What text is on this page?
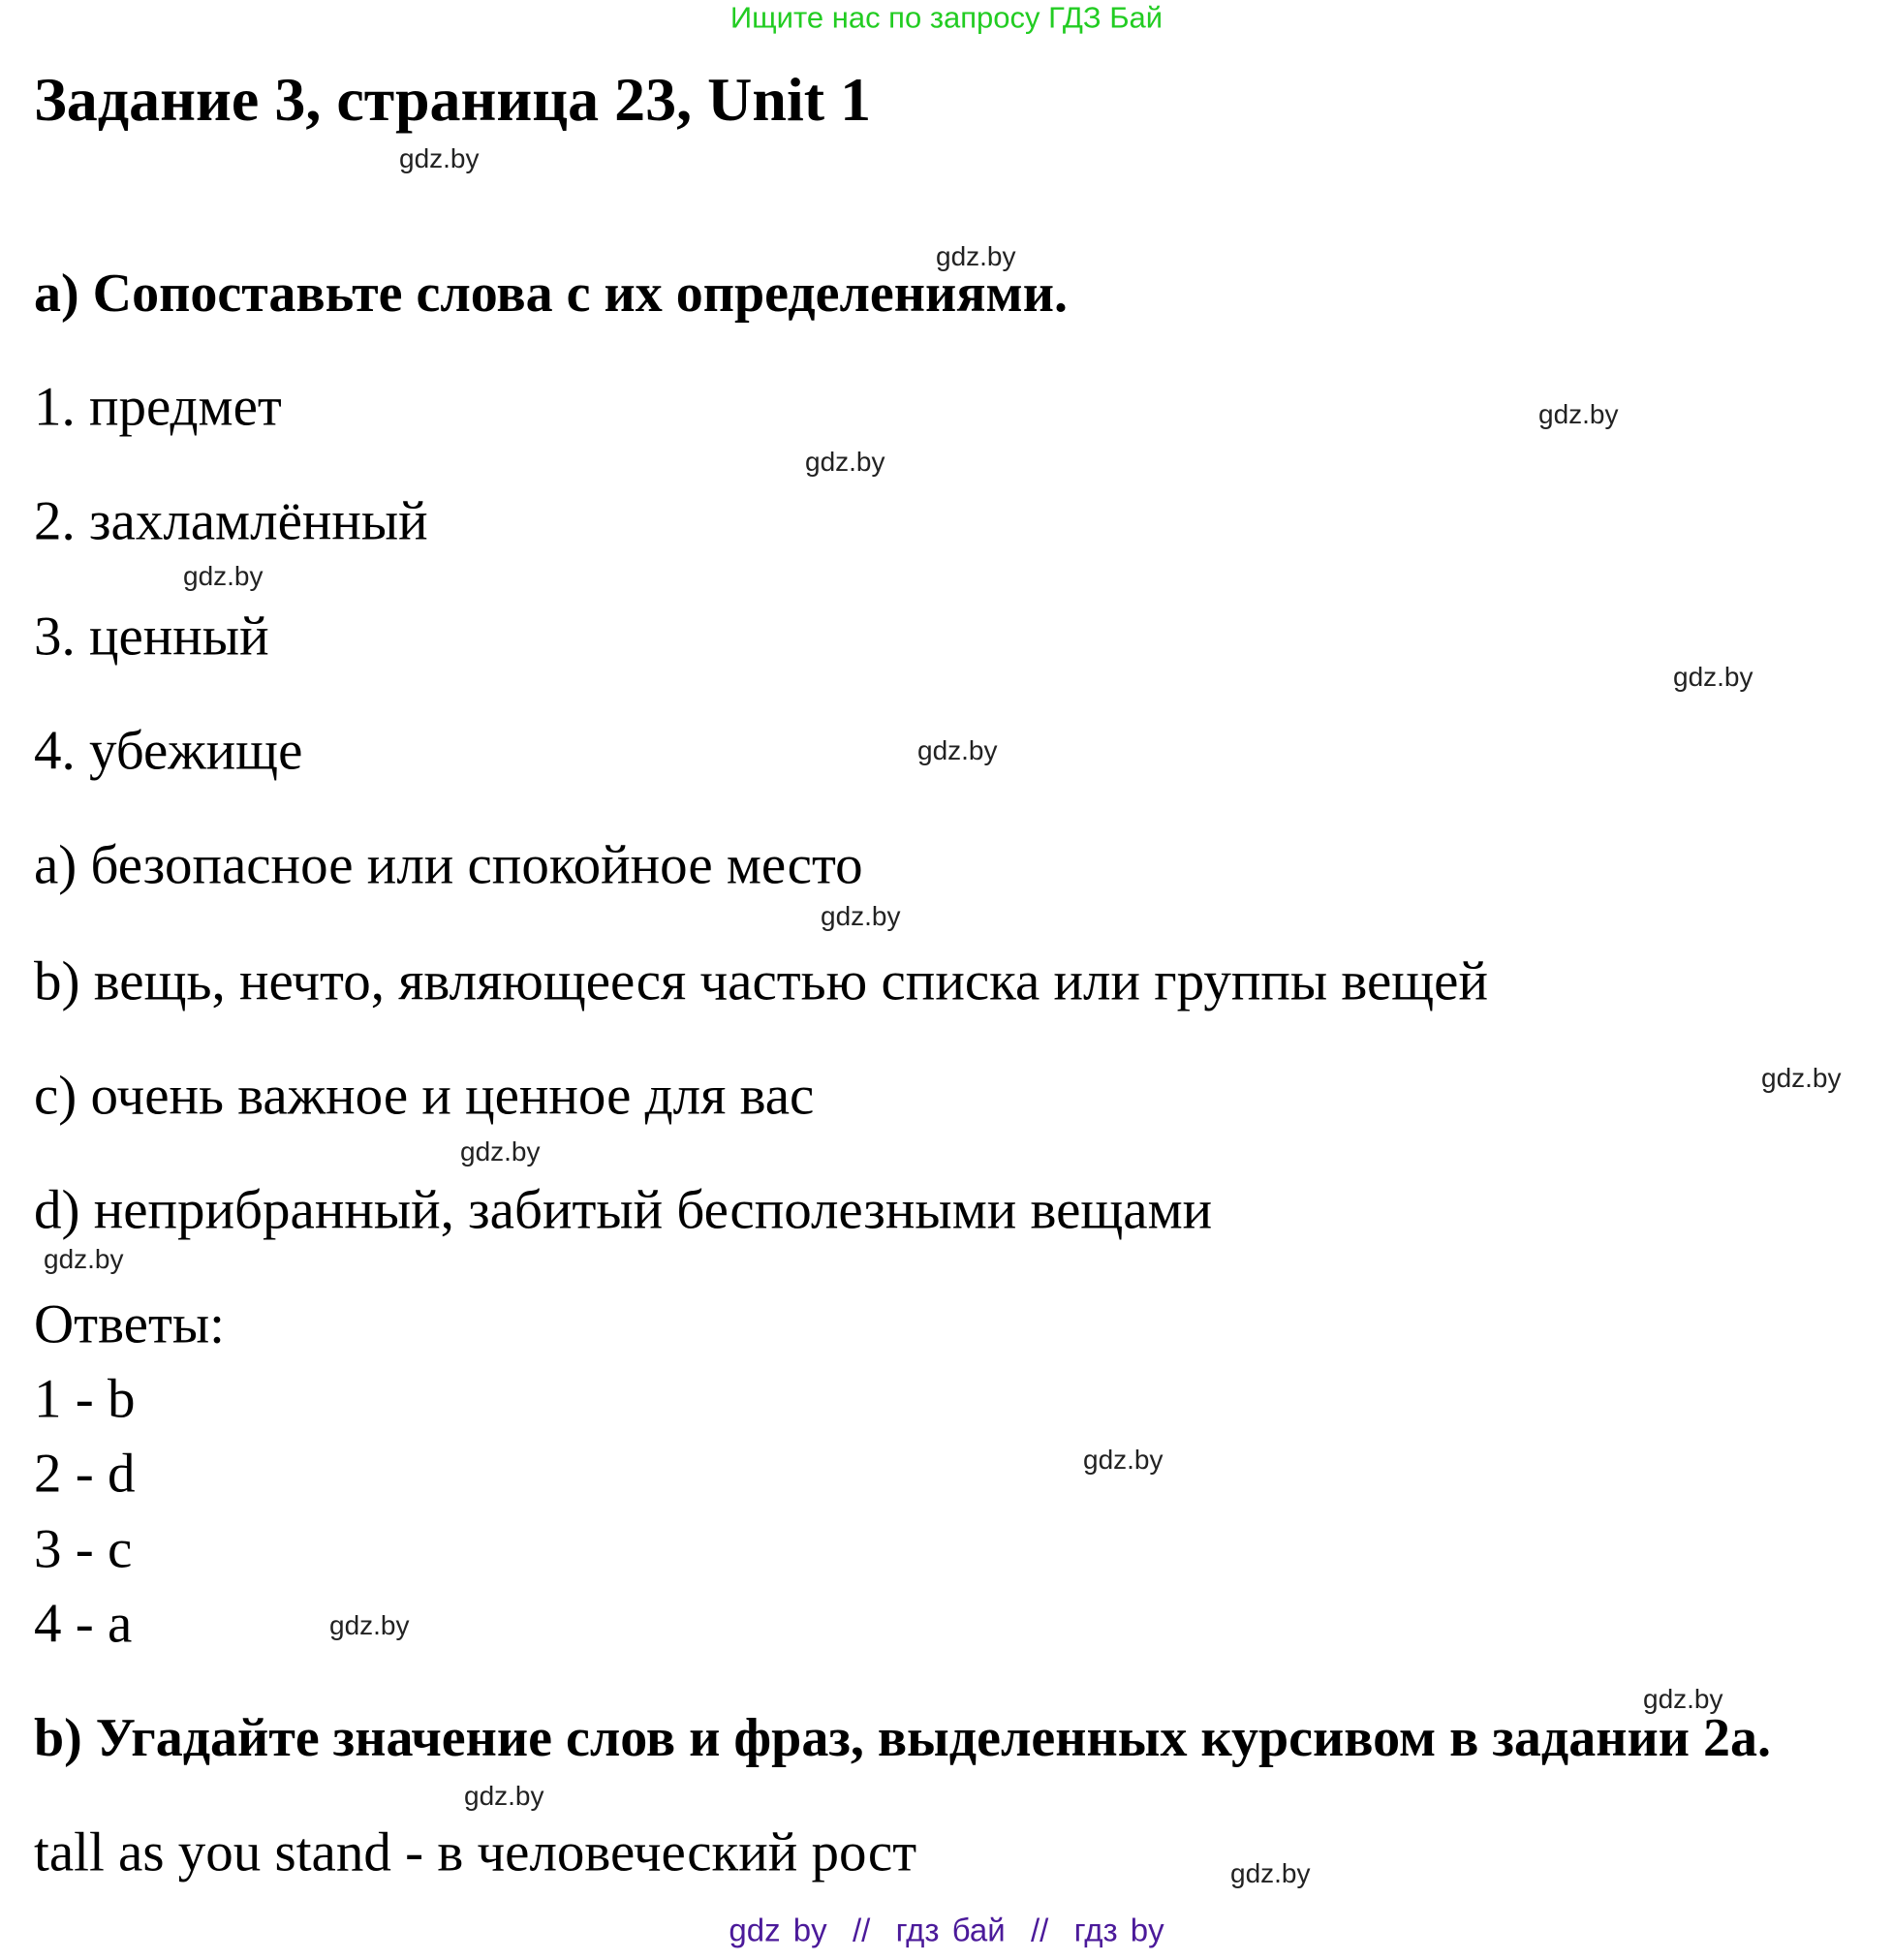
Ищите нас по запросу ГДЗ Бай
Задание 3, страница 23, Unit 1
a) Сопоставьте слова с их определениями.
1. предмет
2. захламлённый
3. ценный
4. убежище
a) безопасное или спокойное место
b) вещь, нечто, являющееся частью списка или группы вещей
c) очень важное и ценное для вас
d) неприбранный, забитый бесполезными вещами
Ответы:
1 - b
2 - d
3 - c
4 - a
b) Угадайте значение слов и фраз, выделенных курсивом в задании 2a.
tall as you stand - в человеческий рост
gdz.by
gdz.by
gdz.by
gdz.by
gdz.by
gdz.by
gdz.by
gdz.by
gdz.by
gdz.by
gdz.by
gdz.by
gdz.by
gdz.by
gdz.by
gdz.by
gdz by  //  гдз бай  //  гдз by
